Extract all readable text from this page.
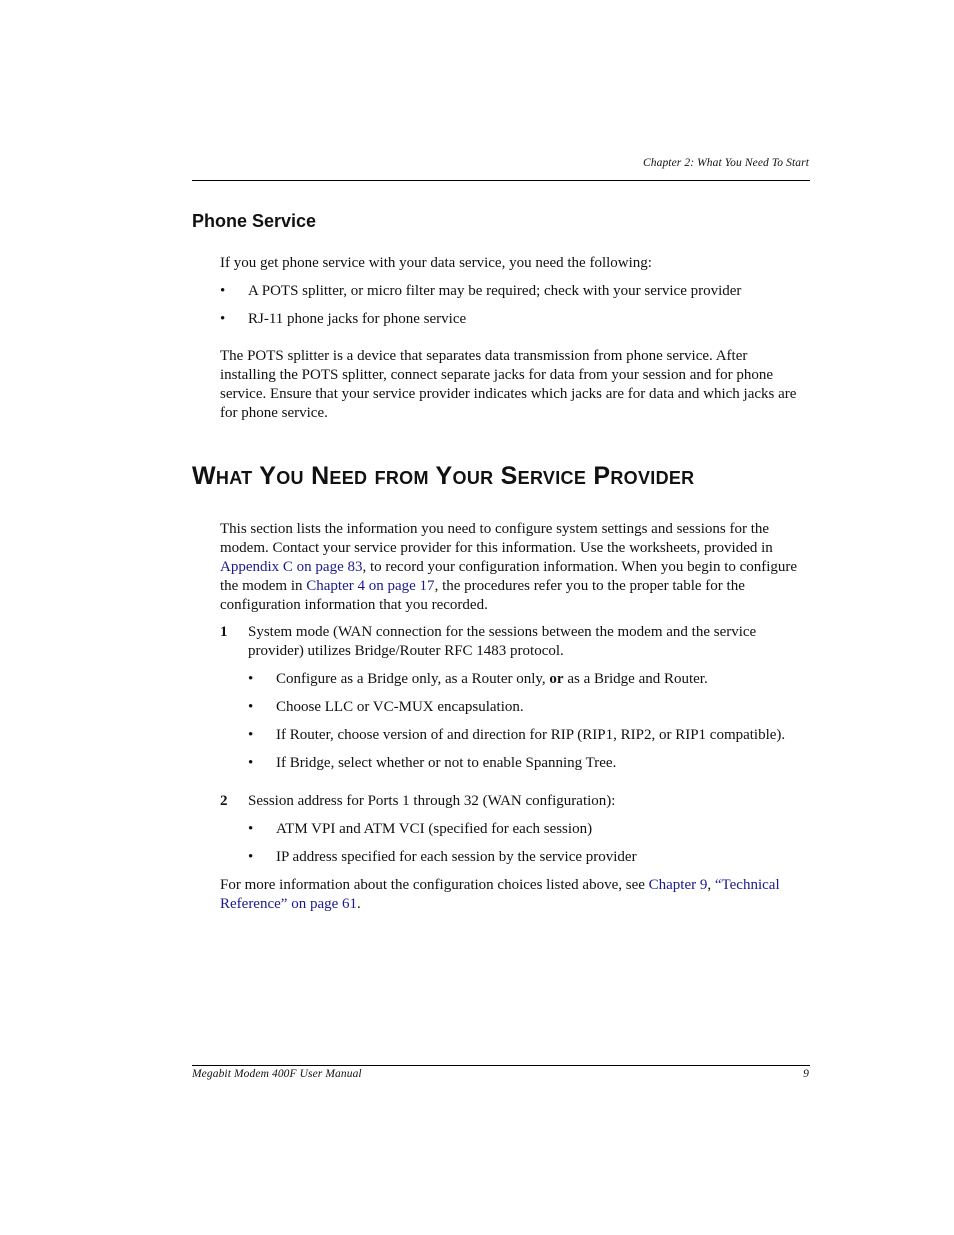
Chapter 2: What You Need To Start
Phone Service
If you get phone service with your data service, you need the following:
• A POTS splitter, or micro filter may be required; check with your service provider
• RJ-11 phone jacks for phone service
The POTS splitter is a device that separates data transmission from phone service. After
installing the POTS splitter, connect separate jacks for data from your session and for phone
service. Ensure that your service provider indicates which jacks are for data and which jacks are
for phone service.
What You Need from Your Service Provider
This section lists the information you need to configure system settings and sessions for the
modem. Contact your service provider for this information. Use the worksheets, provided in
Appendix C on page 83, to record your configuration information. When you begin to configure
the modem in Chapter 4 on page 17, the procedures refer you to the proper table for the
configuration information that you recorded.
1 System mode (WAN connection for the sessions between the modem and the service
provider) utilizes Bridge/Router RFC 1483 protocol.
• Configure as a Bridge only, as a Router only, or as a Bridge and Router.
• Choose LLC or VC-MUX encapsulation.
• If Router, choose version of and direction for RIP (RIP1, RIP2, or RIP1 compatible).
• If Bridge, select whether or not to enable Spanning Tree.
2 Session address for Ports 1 through 32 (WAN configuration):
• ATM VPI and ATM VCI (specified for each session)
• IP address specified for each session by the service provider
For more information about the configuration choices listed above, see Chapter 9, “Technical
Reference” on page 61.
Megabit Modem 400F User Manual	9
